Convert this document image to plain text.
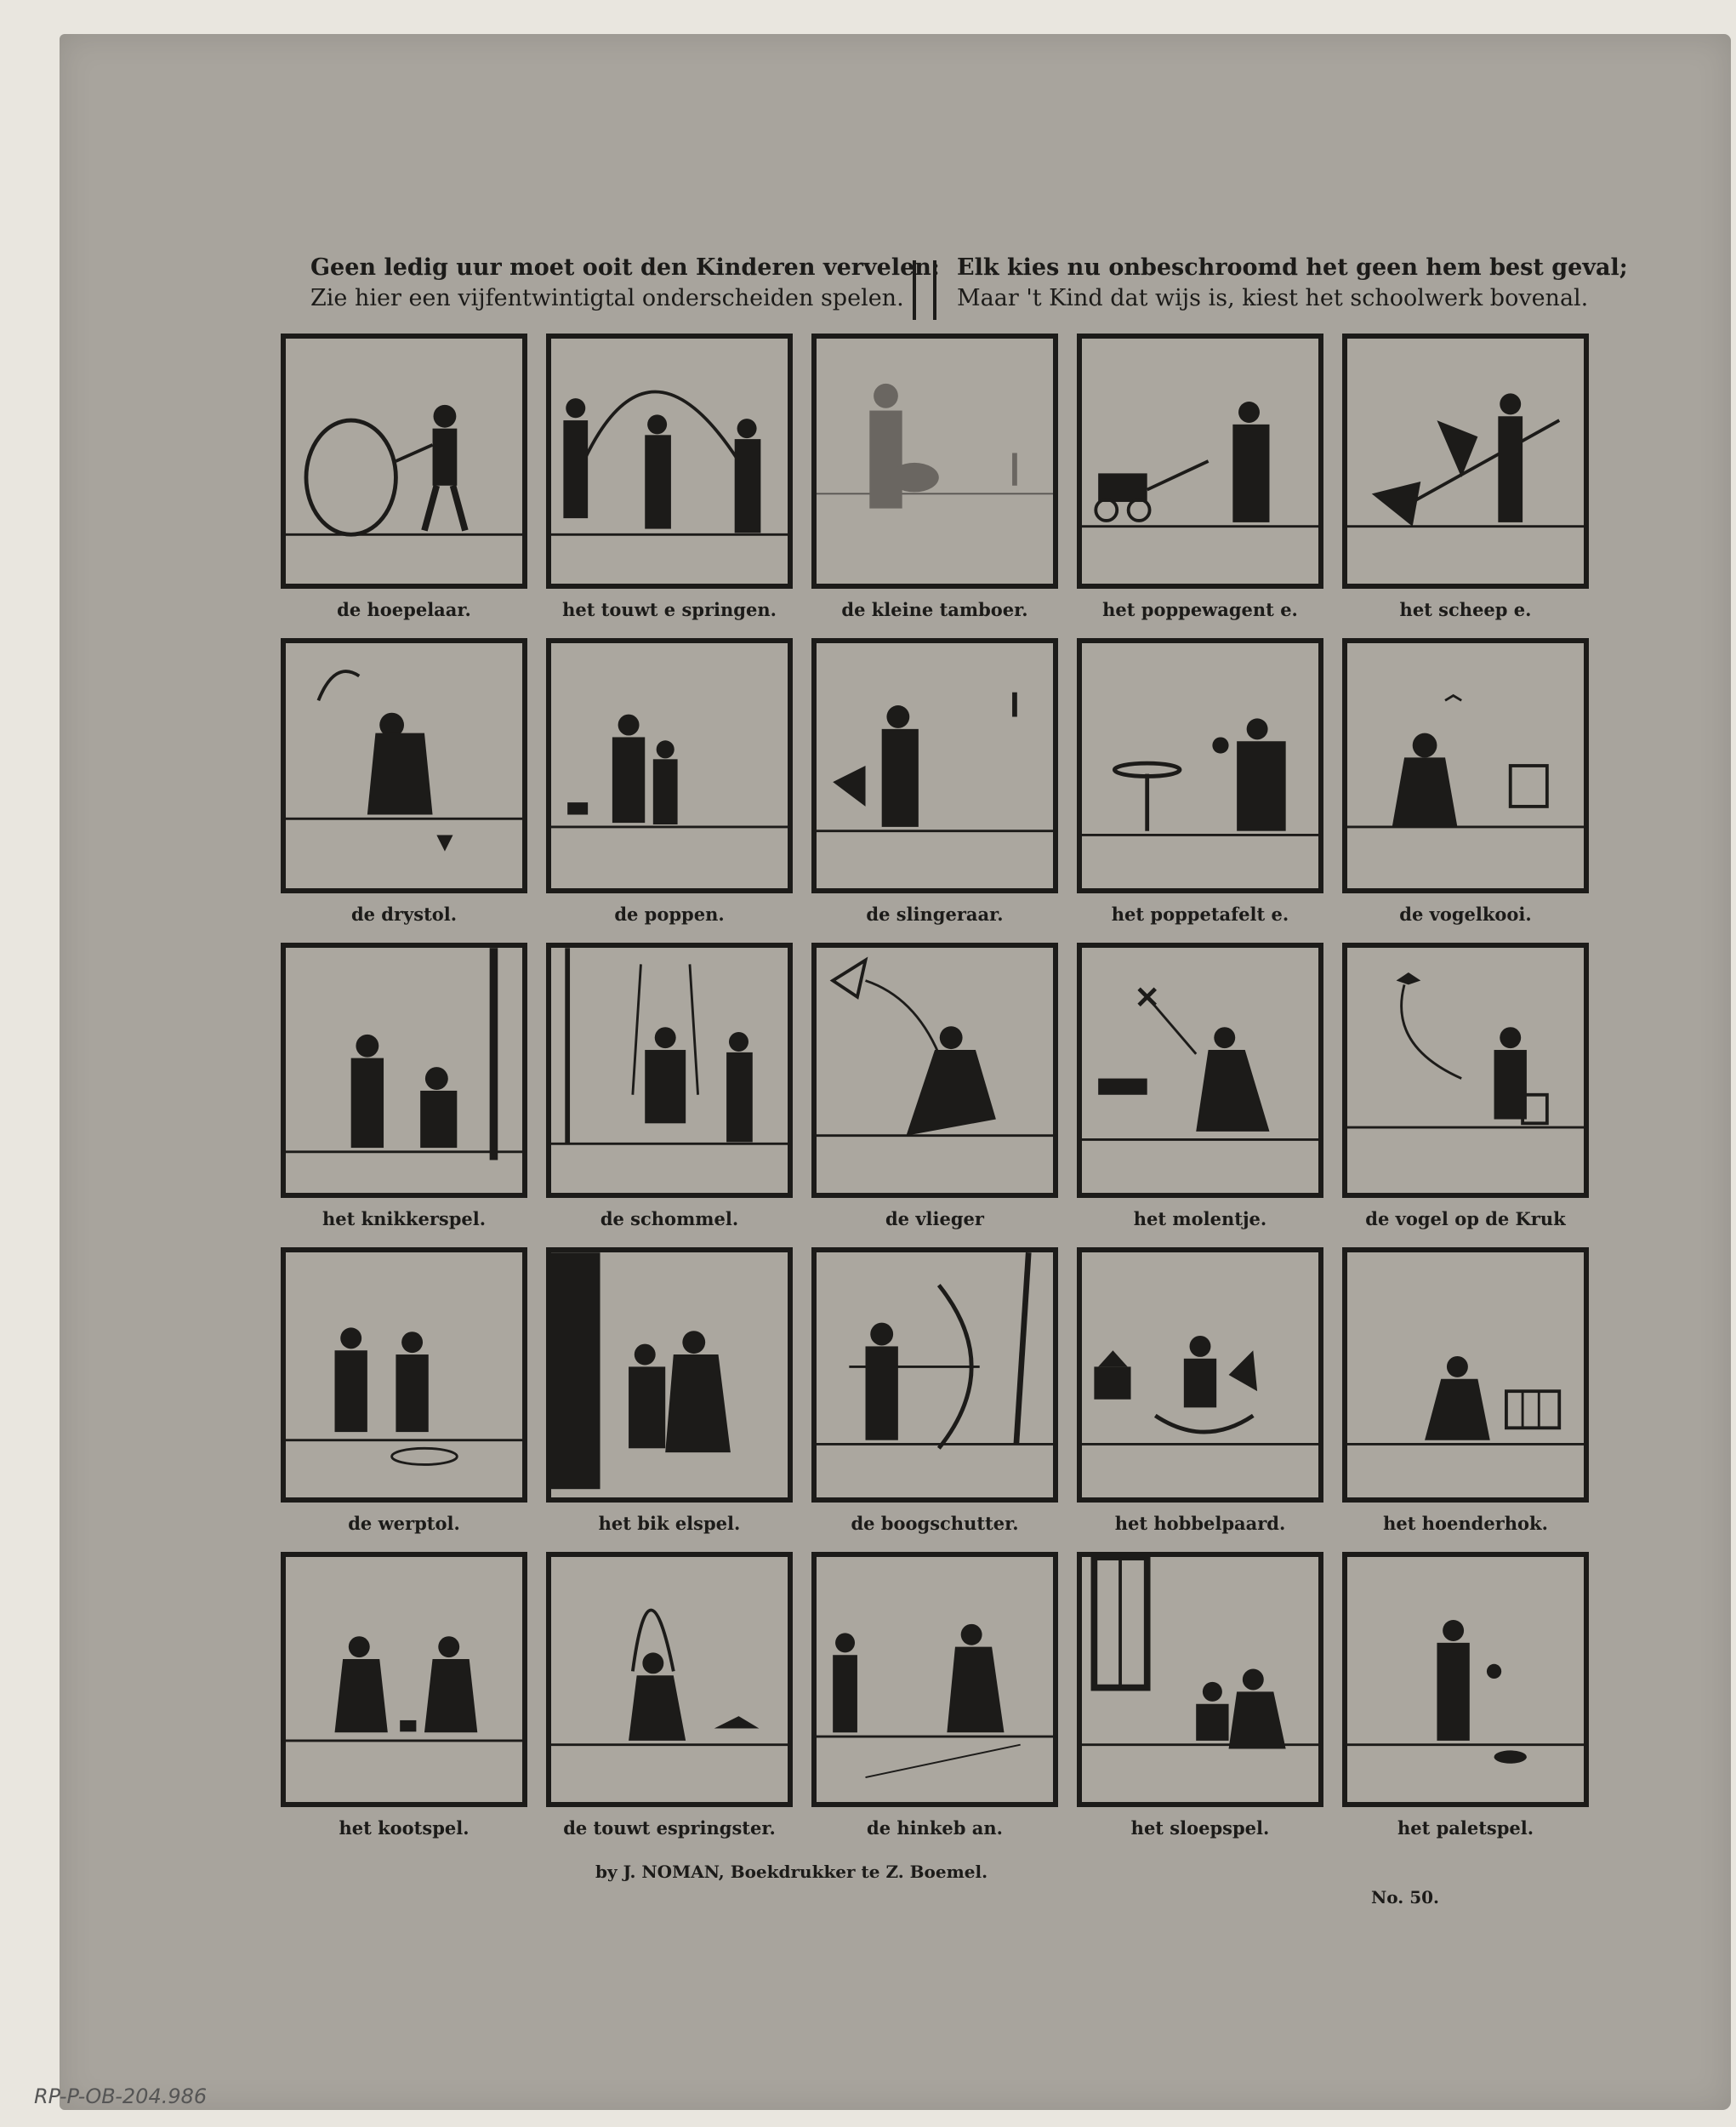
Geen ledig uur moet ooit den Kinderen vervelen:
Zie hier een vijfentwintigtal onderscheiden spelen.
Elk kies nu onbeschroomd het geen hem best geval;
Maar 't Kind dat wijs is, kiest het schoolwerk bovenal.
de hoepelaar.	het touwt e springen.	de kleine tamboer.	het poppewagent e.	het scheep e.
de drystol.	de poppen.	de slingeraar.	het poppetafelt e.	de vogelkooi.
het knikkerspel.	de schommel.	de vlieger	het molentje.	de vogel op de Kruk
de werptol.	het bik elspel.	de boogschutter.	het hobbelpaard.	het hoenderhok.
het kootspel.	de touwt espringster.	de hinkeb an.	het sloepspel.	het paletspel.
by J. NOMAN, Boekdrukker te Z. Boemel.
No. 50.
RP-P-OB-204.986
